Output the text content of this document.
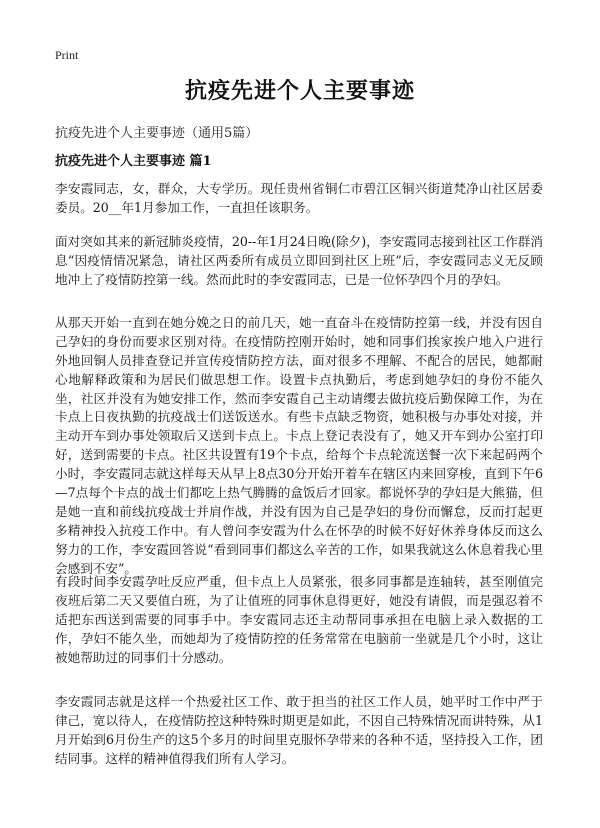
Print
抗疫先进个人主要事迹
抗疫先进个人主要事迹（通用5篇）
抗疫先进个人主要事迹 篇1

李安霞同志，女，群众，大专学历。现任贵州省铜仁市碧江区铜兴街道梵净山社区居委委员。20__年1月参加工作，一直担任该职务。

面对突如其来的新冠肺炎疫情，20--年1月24日晚(除夕)，李安霞同志接到社区工作群消息“因疫情情况紧急，请社区两委所有成员立即回到社区上班”后，李安霞同志义无反顾地冲上了疫情防控第一线。然而此时的李安霞同志，已是一位怀孕四个月的孕妇。

从那天开始一直到在她分娩之日的前几天，她一直奋斗在疫情防控第一线，并没有因自己孕妇的身份而要求区别对待。在疫情防控刚开始时，她和同事们挨家挨户地入户进行外地回铜人员排查登记并宣传疫情防控方法，面对很多不理解、不配合的居民，她都耐心地解释政策和为居民们做思想工作。设置卡点执勤后，考虑到她孕妇的身份不能久坐，社区并没有为她安排工作，然而李安霞自己主动请缨去做抗疫后勤保障工作，为在卡点上日夜执勤的抗疫战士们送饭送水。有些卡点缺乏物资，她积极与办事处对接，并主动开车到办事处领取后又送到卡点上。卡点上登记表没有了，她又开车到办公室打印好，送到需要的卡点。社区共设置有19个卡点，给每个卡点轮流送餐一次下来起码两个小时，李安霞同志就这样每天从早上8点30分开始开着车在辖区内来回穿梭，直到下午6—7点每个卡点的战士们都吃上热气腾腾的盒饭后才回家。都说怀孕的孕妇是大熊猫，但是她一直和前线抗疫战士并肩作战，并没有因为自己是孕妇的身份而懈怠，反而打起更多精神投入抗疫工作中。有人曾问李安霞为什么在怀孕的时候不好好休养身体反而这么努力的工作，李安霞回答说“看到同事们都这么辛苦的工作，如果我就这么休息着我心里会感到不安”。

有段时间李安霞孕吐反应严重，但卡点上人员紧张，很多同事都是连轴转，甚至刚值完夜班后第二天又要值白班，为了让值班的同事休息得更好，她没有请假，而是强忍着不适把东西送到需要的同事手中。李安霞同志还主动帮同事承担在电脑上录入数据的工作，孕妇不能久坐，而她却为了疫情防控的任务常常在电脑前一坐就是几个小时，这让被她帮助过的同事们十分感动。

李安霞同志就是这样一个热爱社区工作、敢于担当的社区工作人员，她平时工作中严于律己，宽以待人，在疫情防控这种特殊时期更是如此，不因自己特殊情况而讲特殊，从1月开始到6月份生产的这5个多月的时间里克服怀孕带来的各种不适，坚持投入工作，团结同事。这样的精神值得我们所有人学习。
